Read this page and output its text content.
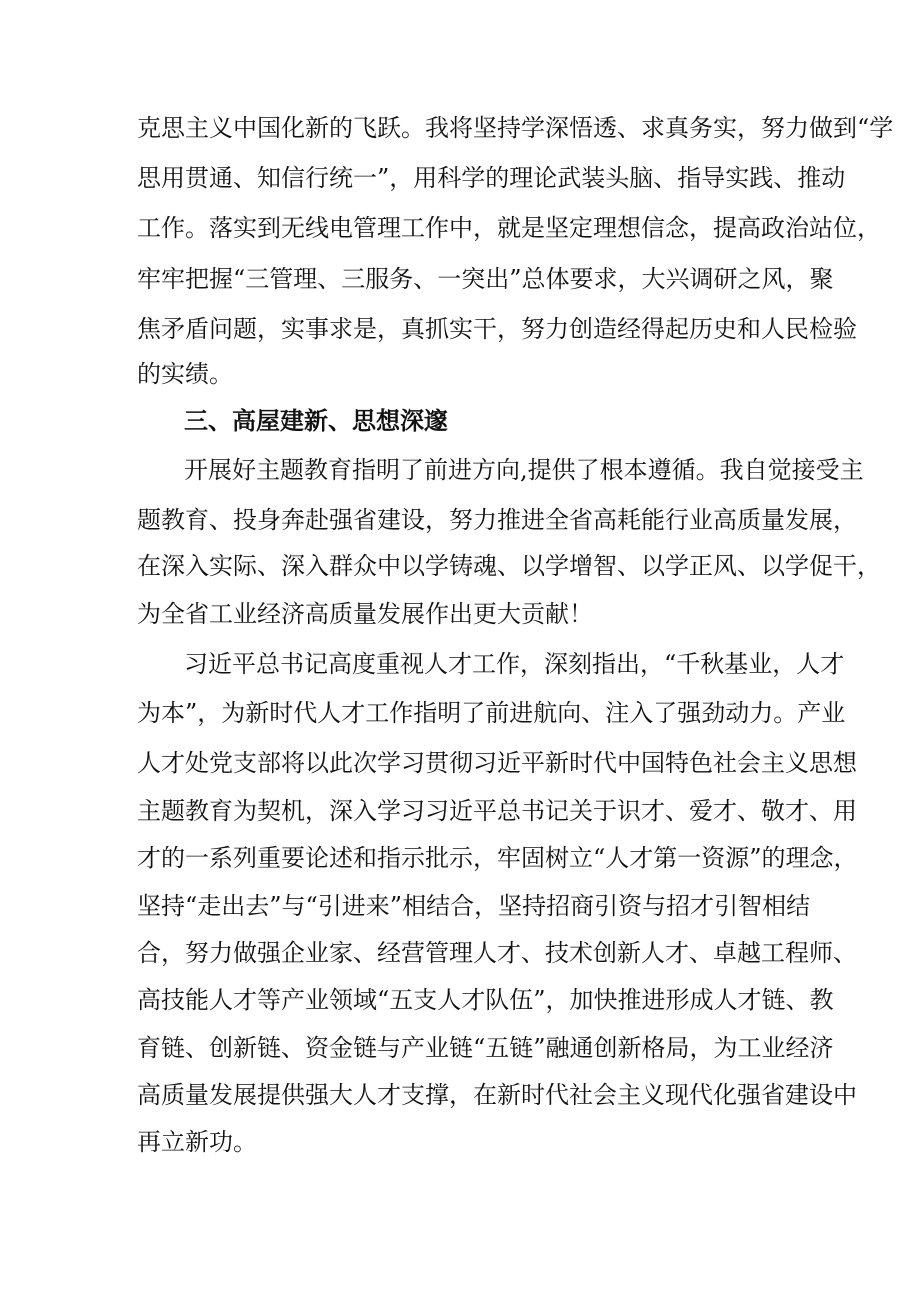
克思主义中国化新的飞跃。我将坚持学深悟透、求真务实，努力做到“学
思用贯通、知信行统一”，用科学的理论武装头脑、指导实践、推动
工作。落实到无线电管理工作中，就是坚定理想信念，提高政治站位，
牢牢把握“三管理、三服务、一突出”总体要求，大兴调研之风，聚
焦矛盾问题，实事求是，真抓实干，努力创造经得起历史和人民检验
的实绩。
三、高屋建新、思想深邃
开展好主题教育指明了前进方向,提供了根本遵循。我自觉接受主
题教育、投身奔赴强省建设，努力推进全省高耗能行业高质量发展，
在深入实际、深入群众中以学铸魂、以学增智、以学正风、以学促干，
为全省工业经济高质量发展作出更大贡献！
习近平总书记高度重视人才工作，深刻指出，“千秋基业，人才
为本”，为新时代人才工作指明了前进航向、注入了强劲动力。产业
人才处党支部将以此次学习贯彻习近平新时代中国特色社会主义思想
主题教育为契机，深入学习习近平总书记关于识才、爱才、敬才、用
才的一系列重要论述和指示批示，牢固树立“人才第一资源”的理念，
坚持“走出去”与“引进来”相结合，坚持招商引资与招才引智相结
合，努力做强企业家、经营管理人才、技术创新人才、卓越工程师、
高技能人才等产业领域“五支人才队伍”，加快推进形成人才链、教
育链、创新链、资金链与产业链“五链”融通创新格局，为工业经济
高质量发展提供强大人才支撑，在新时代社会主义现代化强省建设中
再立新功。
